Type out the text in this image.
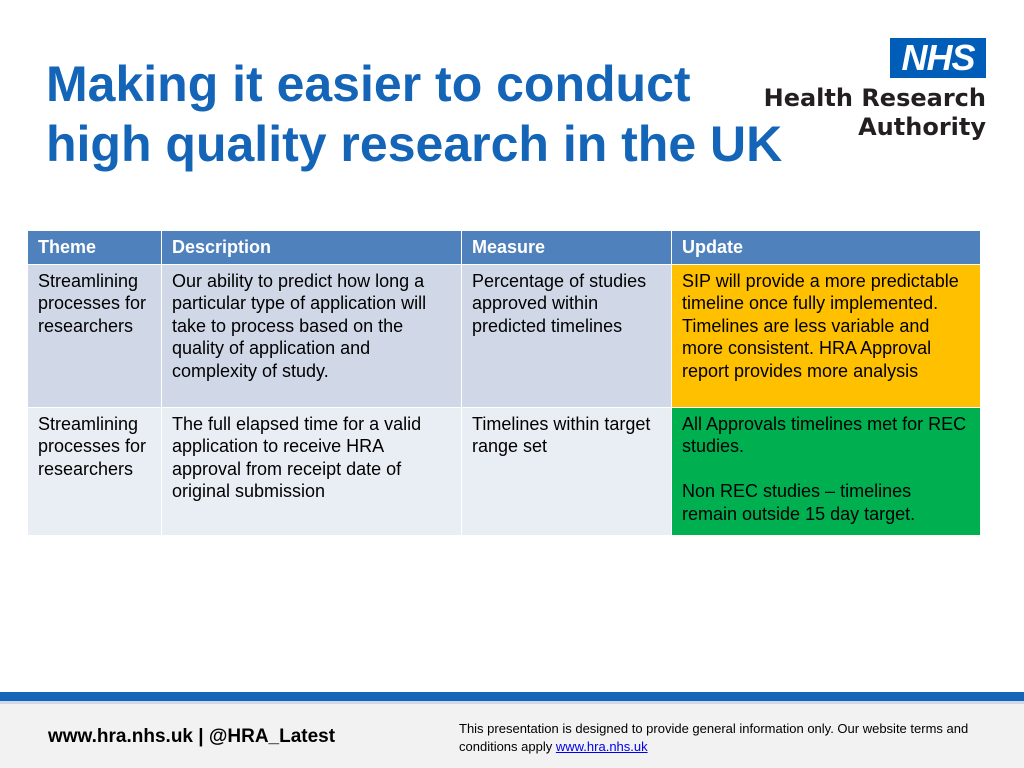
Making it easier to conduct
high quality research in the UK
NHS
Health Research
Authority
Theme	Description	Measure	Update
Streamlining processes for researchers	Our ability to predict how long a particular type of application will take to process based on the quality of application and complexity of study.	Percentage of studies approved within predicted timelines	SIP will provide a more predictable timeline once fully implemented. Timelines are less variable and more consistent. HRA Approval report provides more analysis
Streamlining processes for researchers	The full elapsed time for a valid application to receive HRA approval from receipt date of original submission	Timelines within target range set	All Approvals timelines met for REC studies.

Non REC studies – timelines remain outside 15 day target.
www.hra.nhs.uk | @HRA_Latest	This presentation is designed to provide general information only. Our website terms and conditions apply www.hra.nhs.uk
